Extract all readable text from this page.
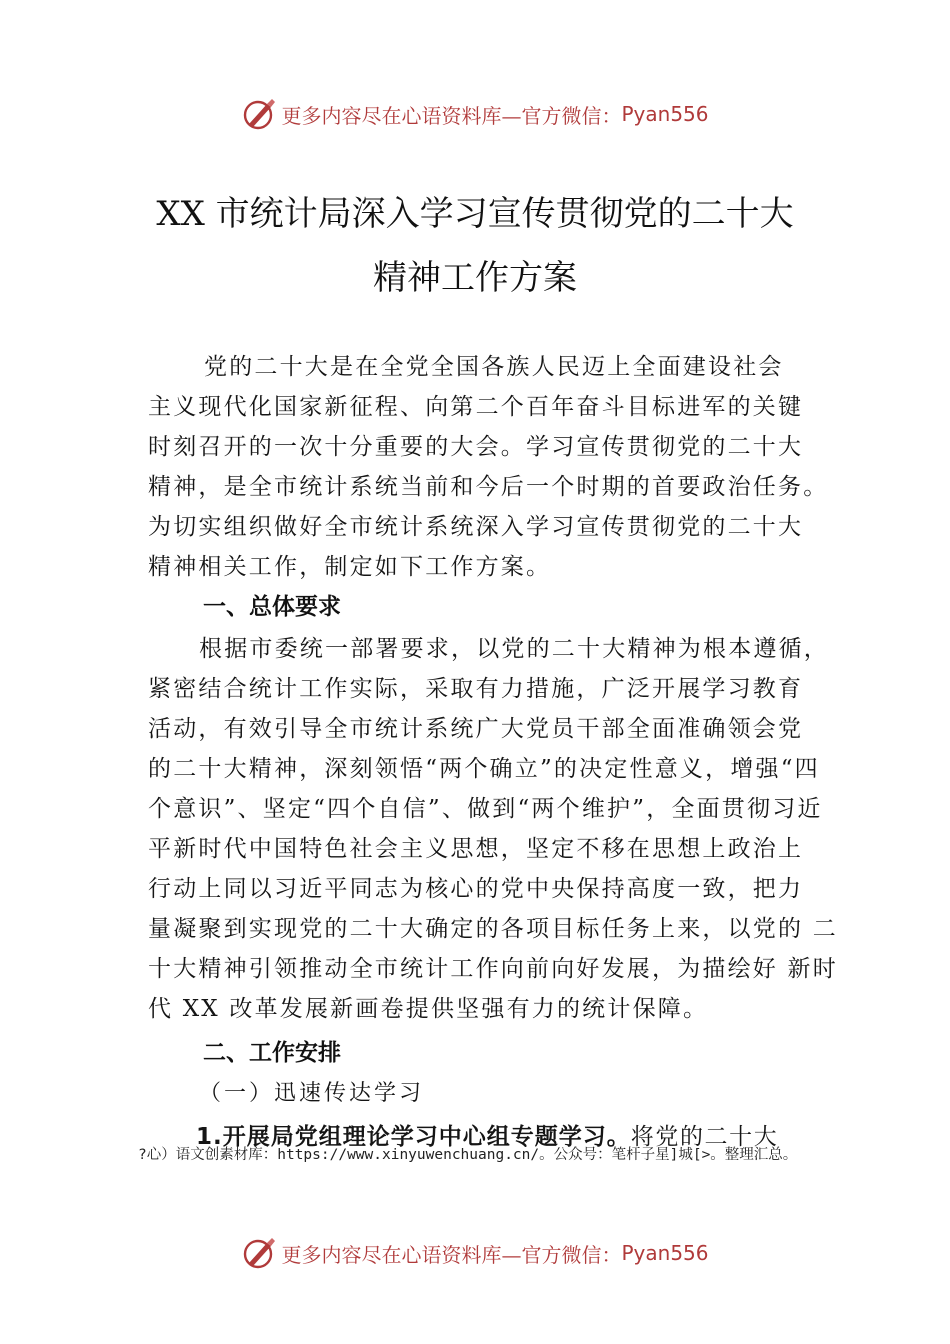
更多内容尽在心语资料库—官方微信： Pyan556
XX 市统计局深入学习宣传贯彻党的二十大
精神工作方案
党的二十大是在全党全国各族人民迈上全面建设社会
主义现代化国家新征程、向第二个百年奋斗目标进军的关键
时刻召开的一次十分重要的大会。学习宣传贯彻党的二十大
精神，是全市统计系统当前和今后一个时期的首要政治任务。
为切实组织做好全市统计系统深入学习宣传贯彻党的二十大
精神相关工作，制定如下工作方案。
一、总体要求
根据市委统一部署要求，以党的二十大精神为根本遵循，
紧密结合统计工作实际，采取有力措施，广泛开展学习教育
活动，有效引导全市统计系统广大党员干部全面准确领会党
的二十大精神，深刻领悟“两个确立”的决定性意义，增强“四
个意识”、坚定“四个自信”、做到“两个维护”，全面贯彻习近
平新时代中国特色社会主义思想，坚定不移在思想上政治上
行动上同以习近平同志为核心的党中央保持高度一致，把力
量凝聚到实现党的二十大确定的各项目标任务上来，以党的 二
十大精神引领推动全市统计工作向前向好发展，为描绘好 新时
代 XX 改革发展新画卷提供坚强有力的统计保障。
二、工作安排
（一）迅速传达学习
1.开展局党组理论学习中心组专题学习。将党的二十大
?心）语文创素材库：https://www.xinyuwenchuang.cn/。公众号：笔杆子星]城[>。整理汇总。
更多内容尽在心语资料库—官方微信： Pyan556
